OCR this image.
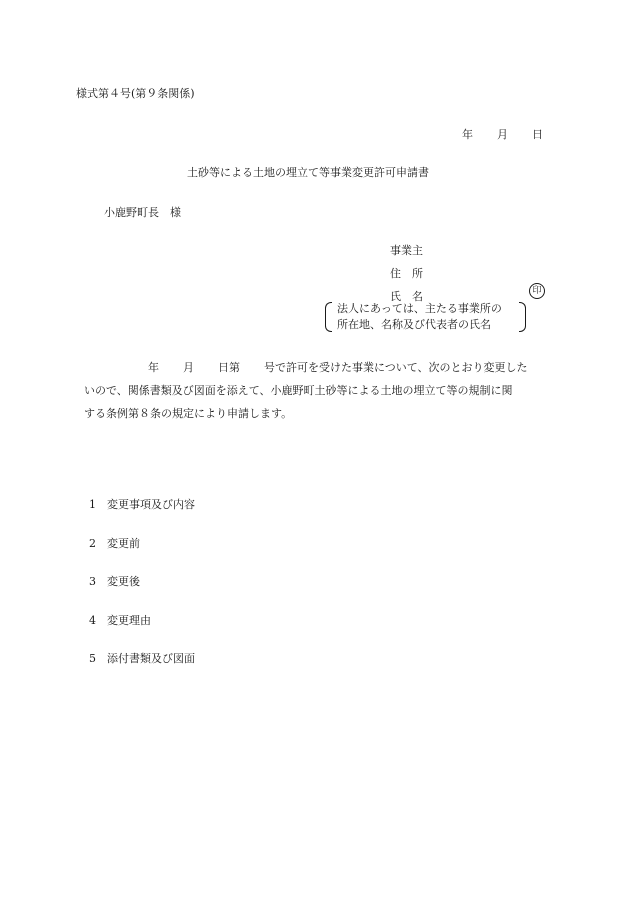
様式第４号(第９条関係)
年 月 日
土砂等による土地の埋立て等事業変更許可申請書
小鹿野町長　様
事業主
住　所
氏　名	印
法人にあっては、主たる事業所の
所在地、名称及び代表者の氏名
年 月 日第 号で許可を受けた事業について、次のとおり変更した
いので、関係書類及び図面を添えて、小鹿野町土砂等による土地の埋立て等の規制に関
する条例第８条の規定により申請します。
1 変更事項及び内容
2 変更前
3 変更後
4 変更理由
5 添付書類及び図面
